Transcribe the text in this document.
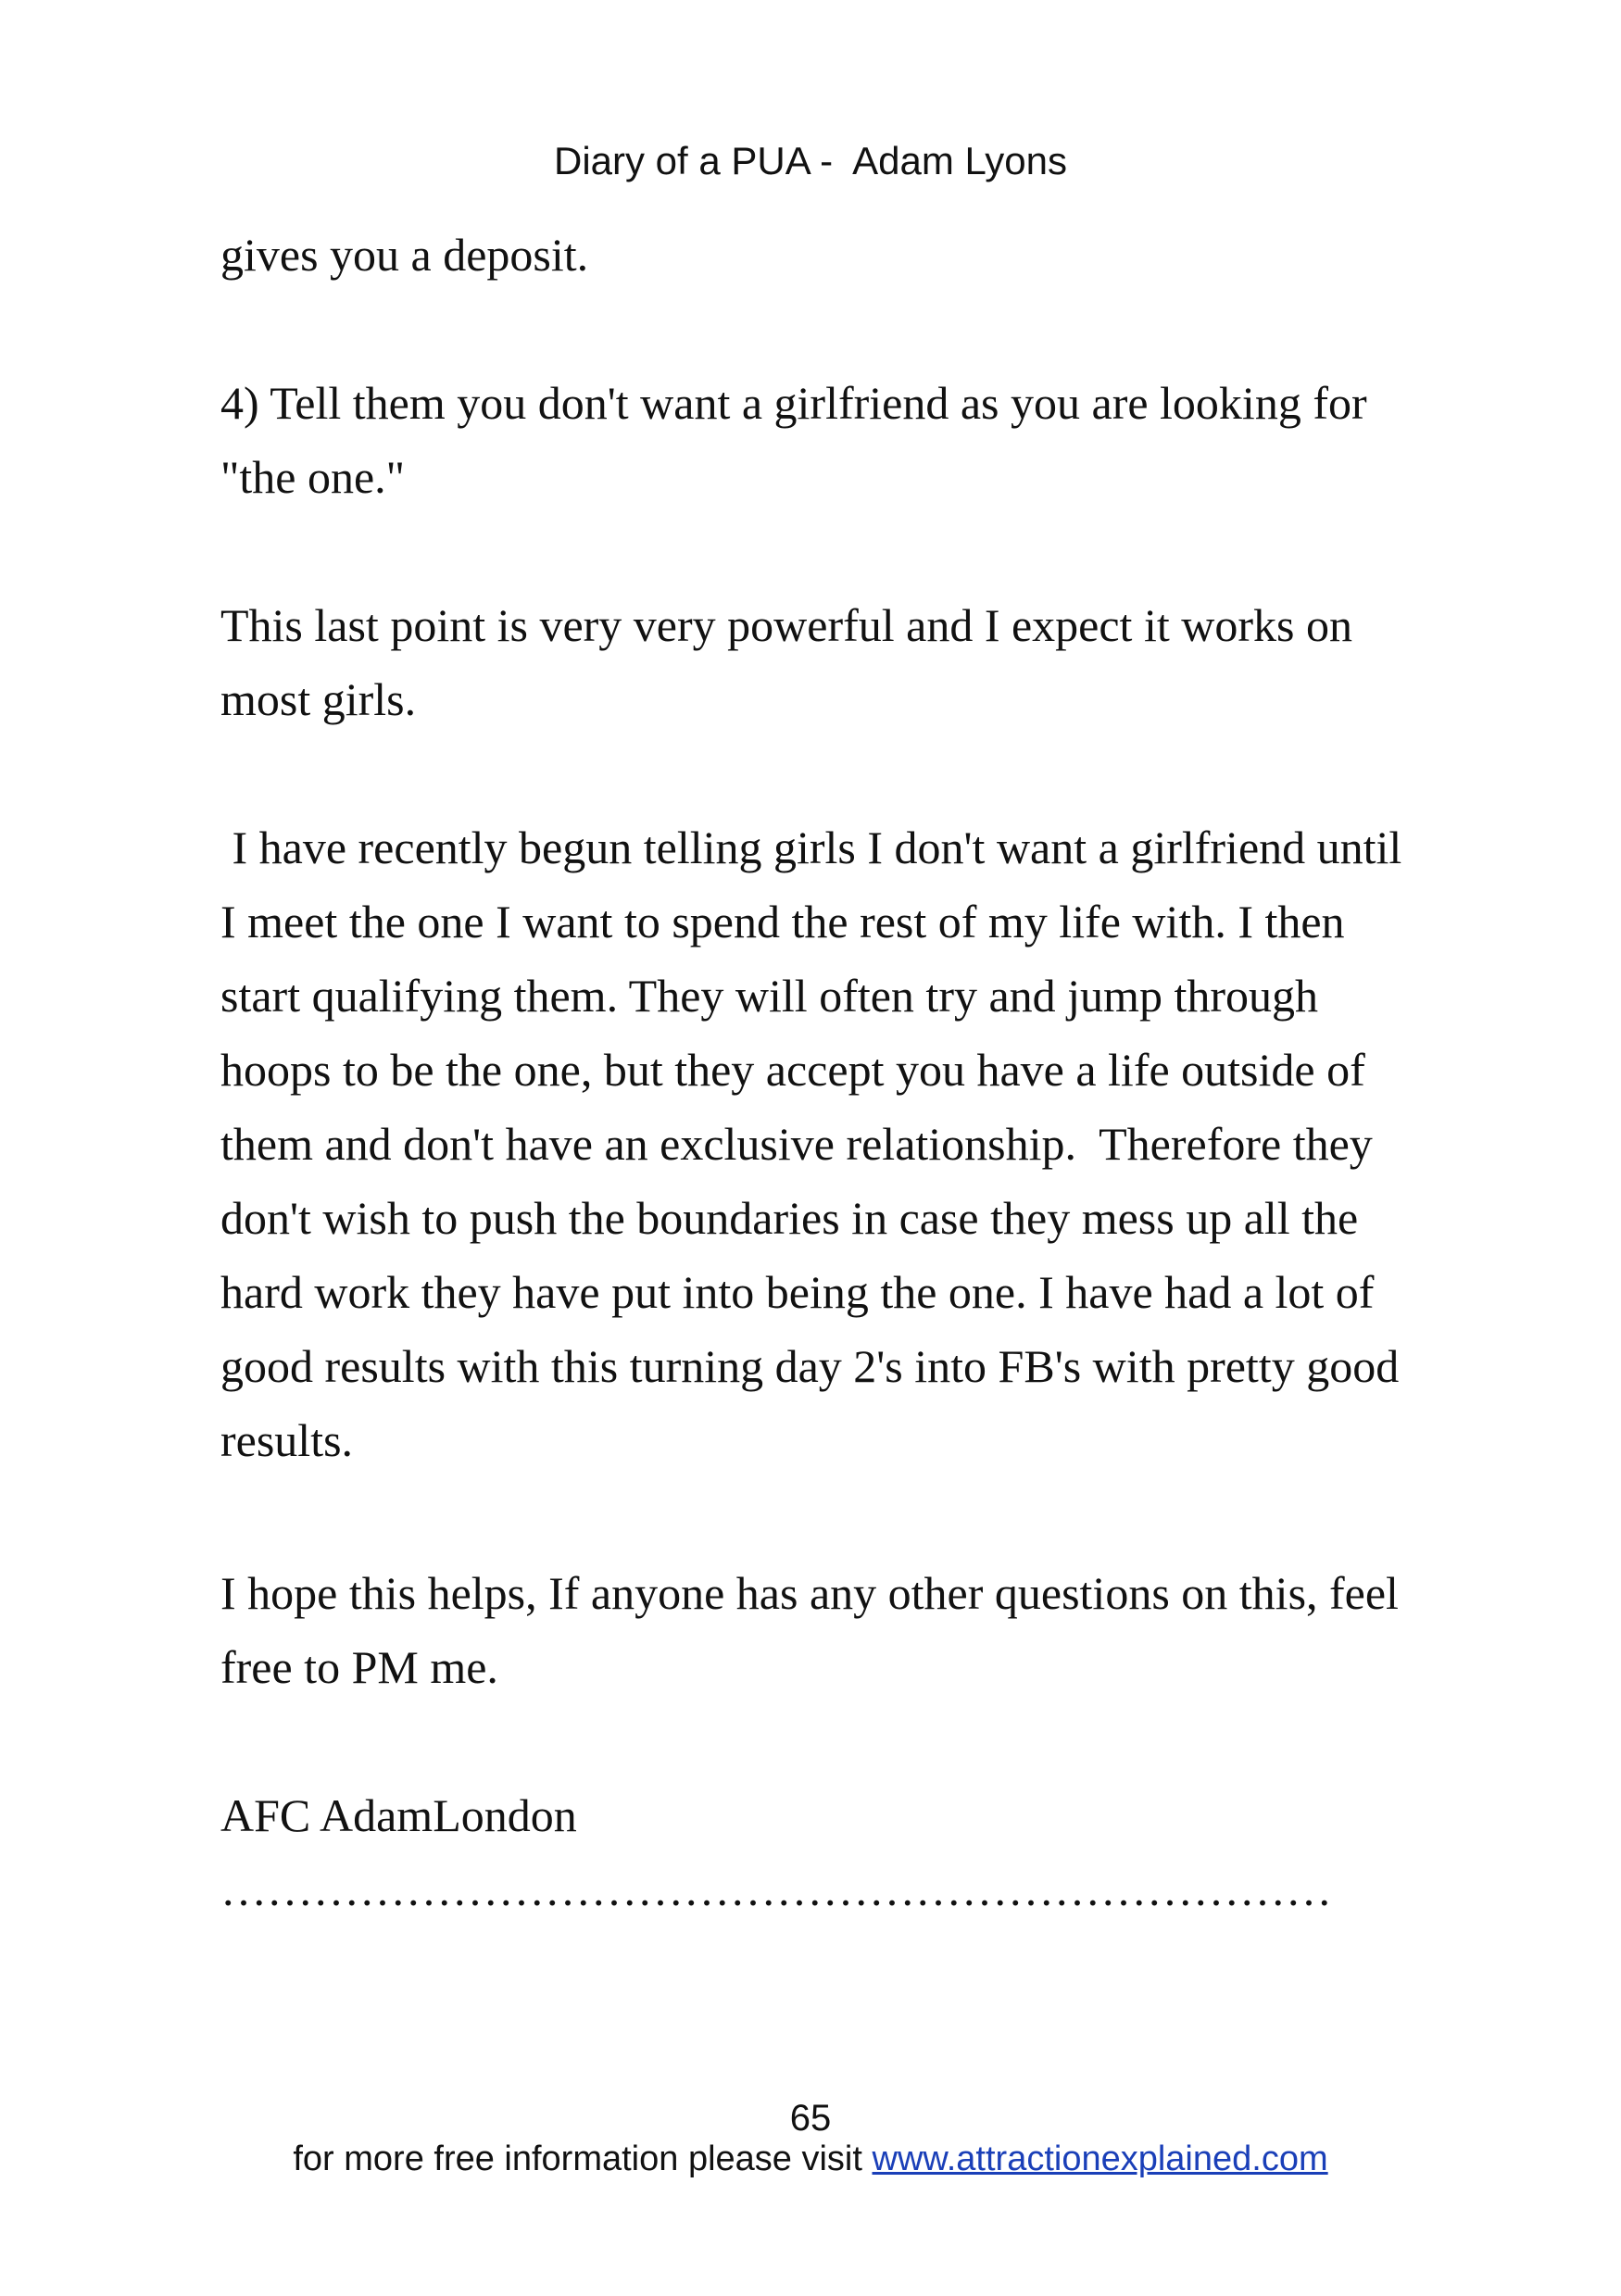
Diary of a PUA -  Adam Lyons
gives you a deposit.
4) Tell them you don't want a girlfriend as you are looking for
"the one."
This last point is very very powerful and I expect it works on
most girls.
I have recently begun telling girls I don't want a girlfriend until
I meet the one I want to spend the rest of my life with. I then
start qualifying them. They will often try and jump through
hoops to be the one, but they accept you have a life outside of
them and don't have an exclusive relationship.  Therefore they
don't wish to push the boundaries in case they mess up all the
hard work they have put into being the one. I have had a lot of
good results with this turning day 2's into FB's with pretty good
results.
I hope this helps, If anyone has any other questions on this, feel
free to PM me.
AFC AdamLondon
………………………………………………………………
65
for more free information please visit www.attractionexplained.com
